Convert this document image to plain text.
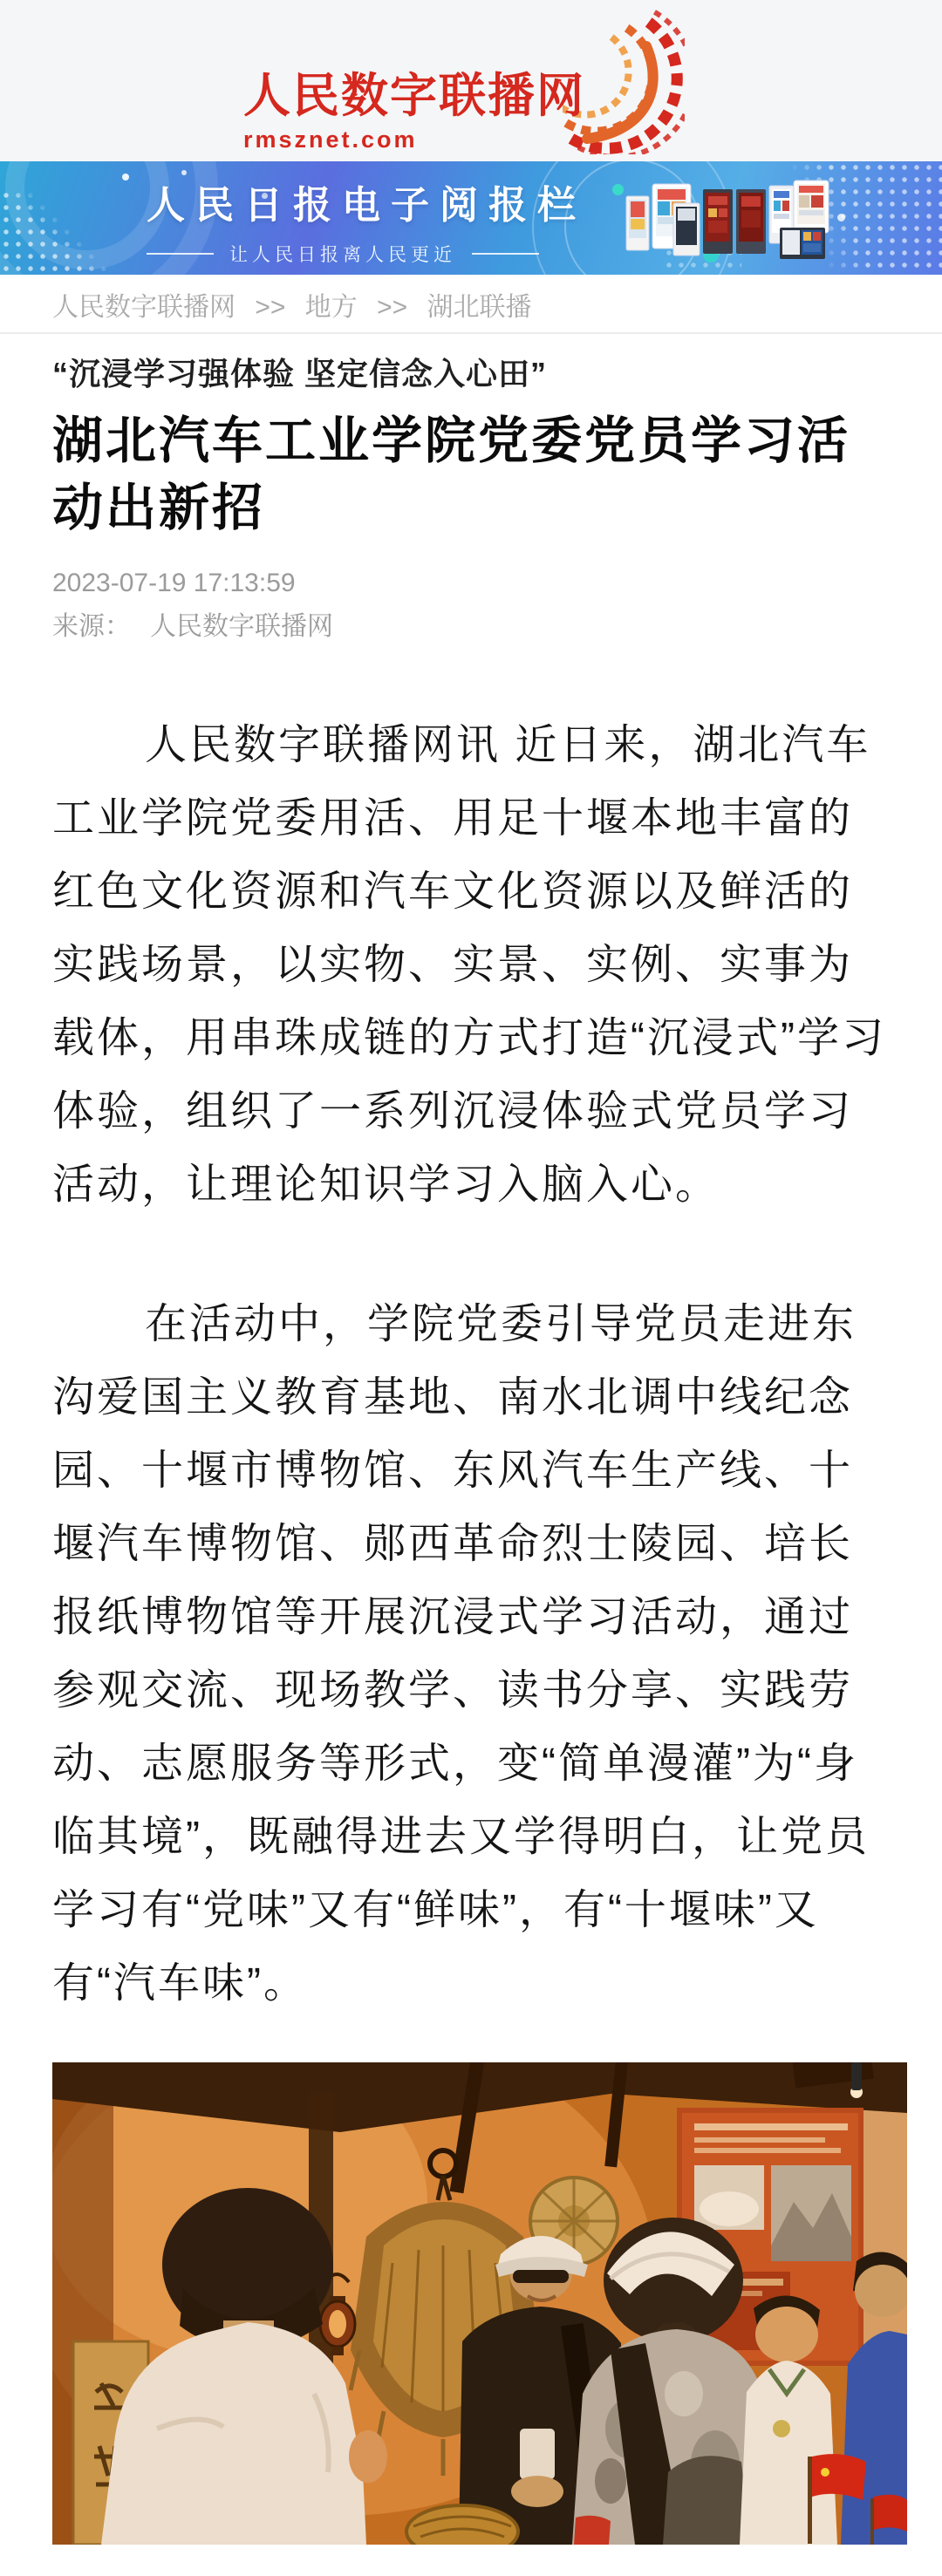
人民数字联播网
rmsznet.com
人民日报电子阅报栏
让人民日报离人民更近
人民数字联播网 >> 地方 >> 湖北联播
“沉浸学习强体验 坚定信念入心田”
湖北汽车工业学院党委党员学习活动出新招
2023-07-19 17:13:59
来源： 人民数字联播网

人民数字联播网讯 近日来，湖北汽车工业学院党委用活、用足十堰本地丰富的红色文化资源和汽车文化资源以及鲜活的实践场景，以实物、实景、实例、实事为载体，用串珠成链的方式打造“沉浸式”学习体验，组织了一系列沉浸体验式党员学习活动，让理论知识学习入脑入心。

在活动中，学院党委引导党员走进东沟爱国主义教育基地、南水北调中线纪念园、十堰市博物馆、东风汽车生产线、十堰汽车博物馆、郧西革命烈士陵园、培长报纸博物馆等开展沉浸式学习活动，通过参观交流、现场教学、读书分享、实践劳动、志愿服务等形式，变“简单漫灌”为“身临其境”，既融得进去又学得明白，让党员学习有“党味”又有“鲜味”，有“十堰味”又有“汽车味”。
